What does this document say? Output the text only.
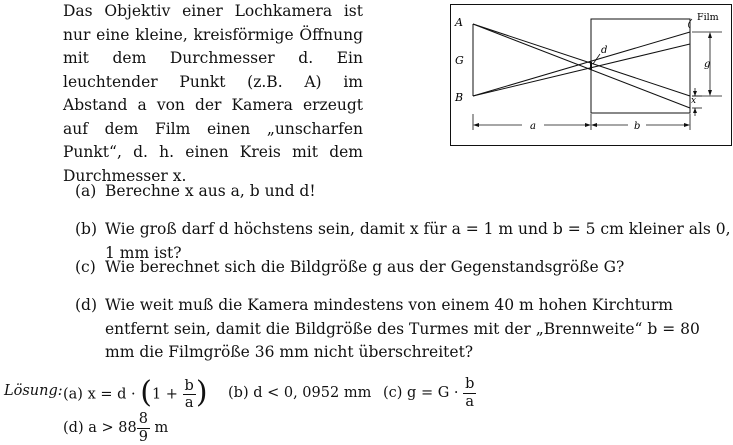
Das Objektiv einer Lochkamera ist nur eine kleine, kreisförmige Öffnung mit dem Durchmesser d. Ein leuchtender Punkt (z.B. A) im Abstand a von der Kamera erzeugt auf dem Film einen „unscharfen Punkt“, d. h. einen Kreis mit dem Durchmesser x.

A
G
B
d
Film
g
x
a	b
(a) Berechne x aus a, b und d!
(b) Wie groß darf d höchstens sein, damit x für a = 1 m und b = 5 cm kleiner als 0, 1 mm ist?
(c) Wie berechnet sich die Bildgröße g aus der Gegenstandsgröße G?
(d) Wie weit muß die Kamera mindestens von einem 40 m hohen Kirchturm entfernt sein, damit die Bildgröße des Turmes mit der „Brennweite“ b = 80 mm die Filmgröße 36 mm nicht überschreitet?
Lösung: (a) $x = d \cdot (1 + \frac{b}{a}$ ) (b) d < 0, 0952 mm (c) $g = G \cdot \frac{b}{a}$
(d) $a > 88 \frac{8}{9}$ m
